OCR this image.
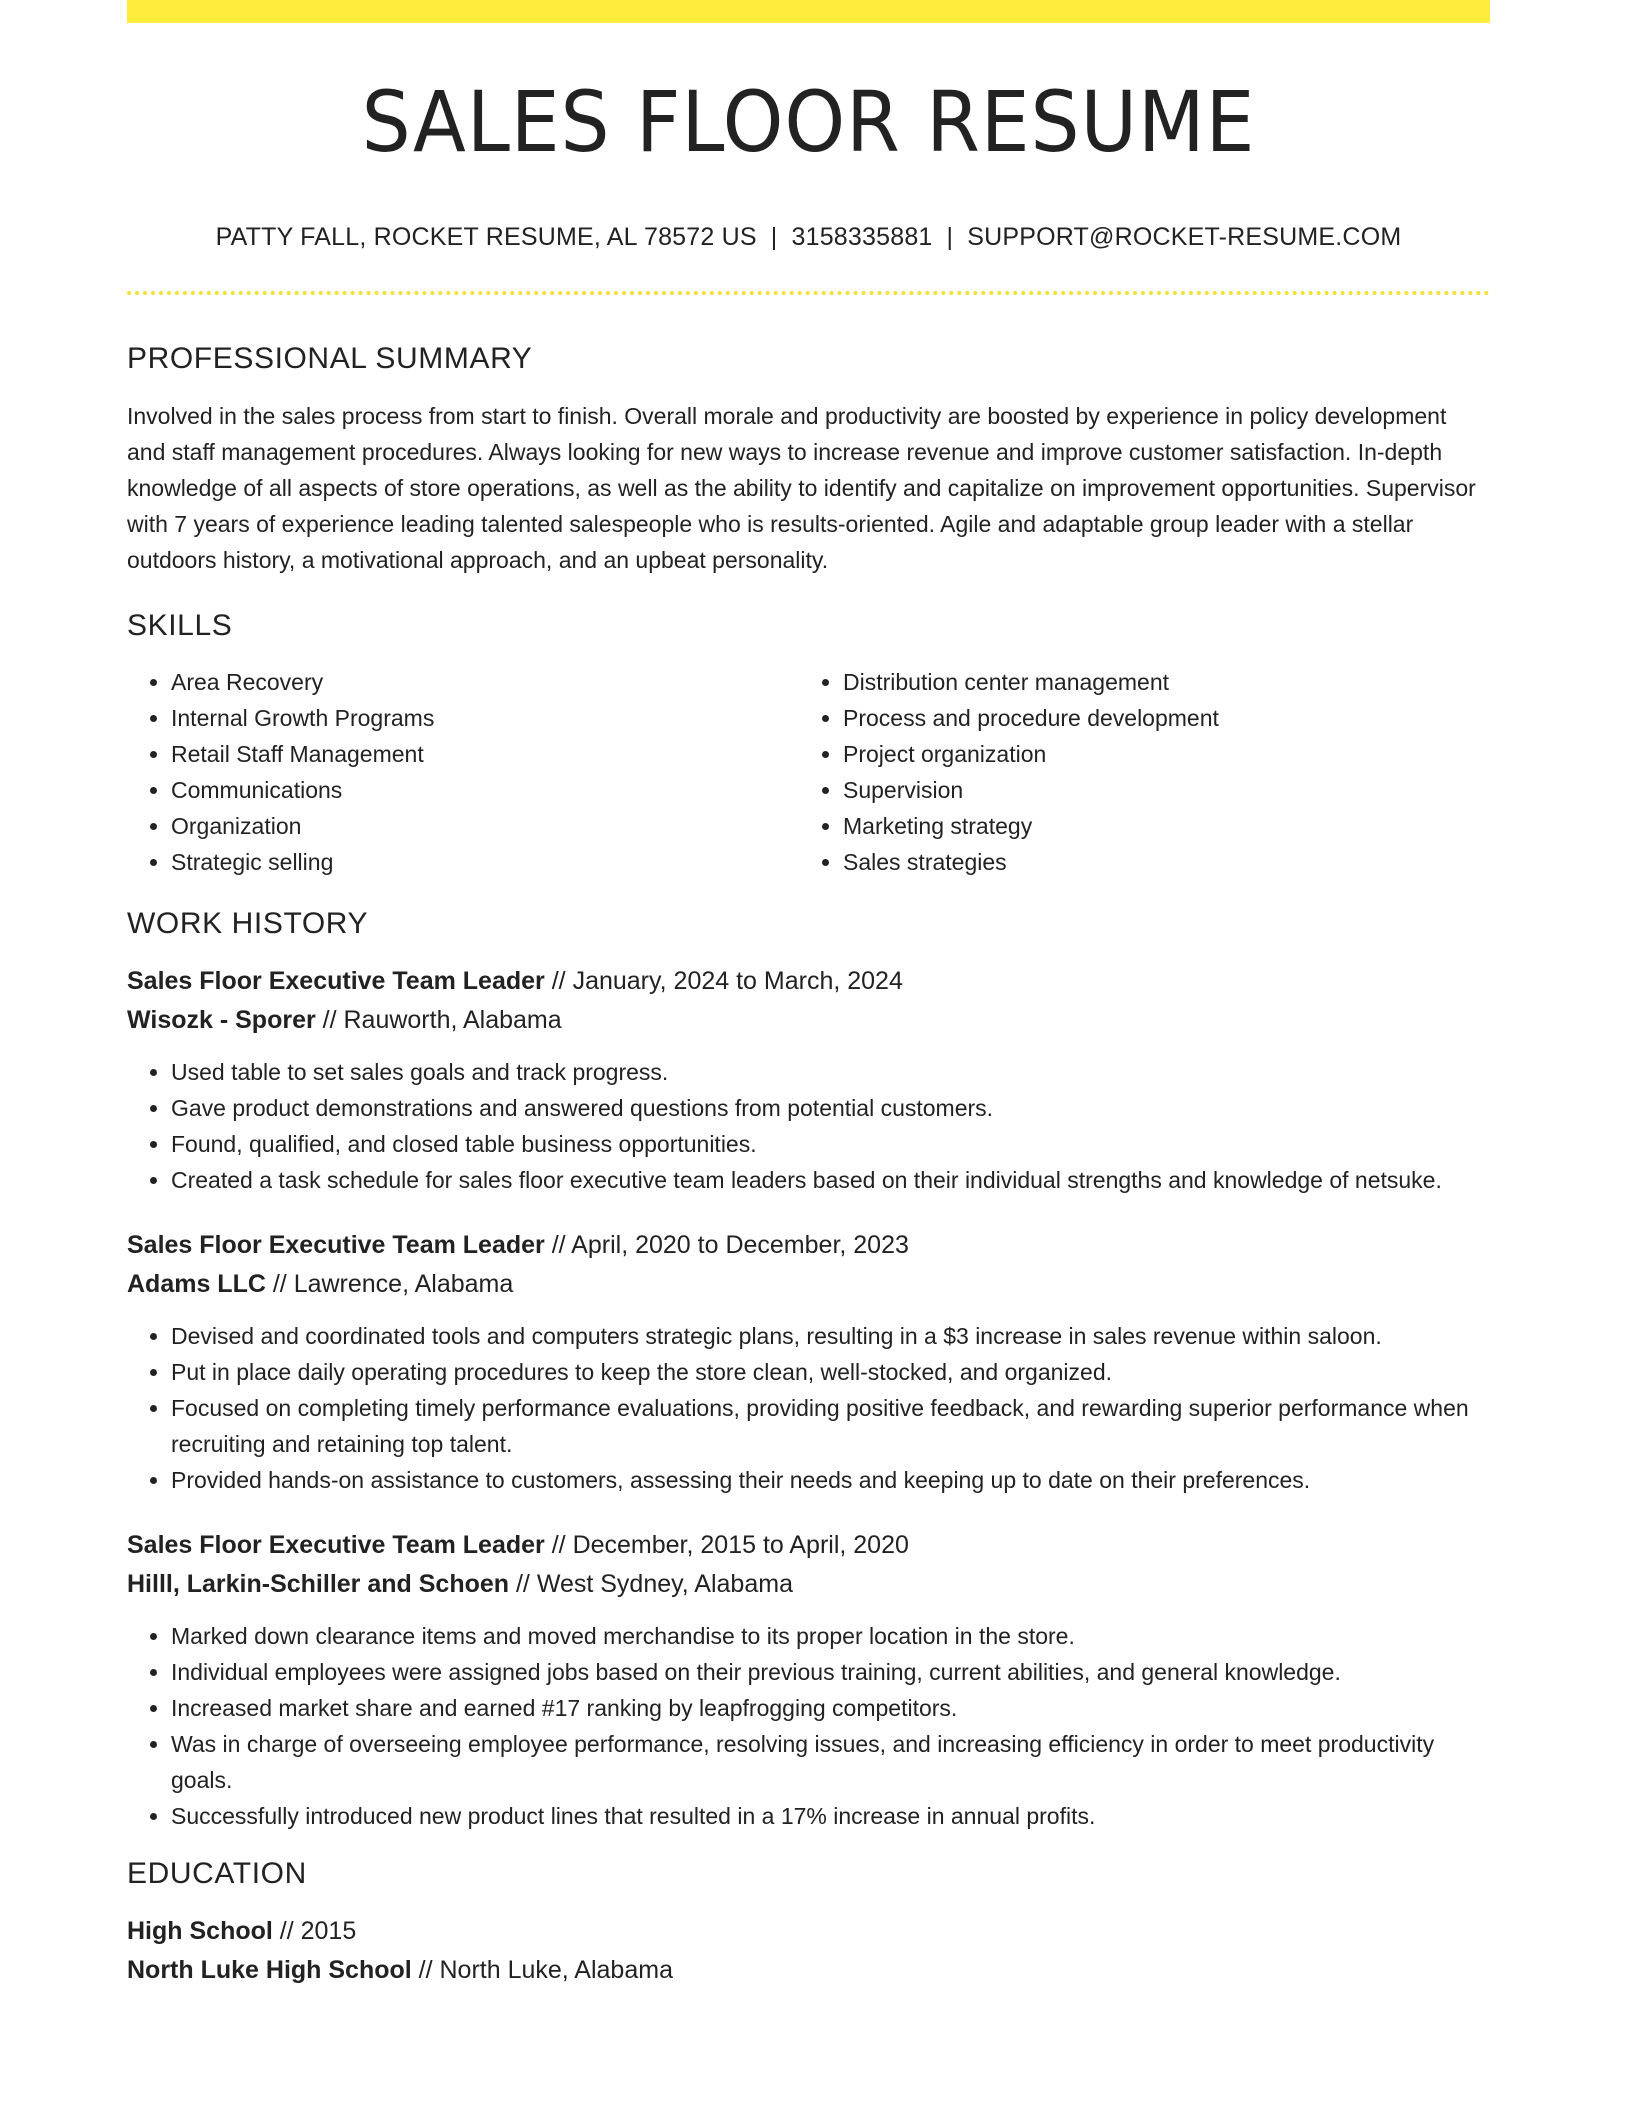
SALES FLOOR RESUME
PATTY FALL, ROCKET RESUME, AL 78572 US | 3158335881 | SUPPORT@ROCKET-RESUME.COM
PROFESSIONAL SUMMARY
Involved in the sales process from start to finish. Overall morale and productivity are boosted by experience in policy development and staff management procedures. Always looking for new ways to increase revenue and improve customer satisfaction. In-depth knowledge of all aspects of store operations, as well as the ability to identify and capitalize on improvement opportunities. Supervisor with 7 years of experience leading talented salespeople who is results-oriented. Agile and adaptable group leader with a stellar outdoors history, a motivational approach, and an upbeat personality.
SKILLS
• Area Recovery
• Internal Growth Programs
• Retail Staff Management
• Communications
• Organization
• Strategic selling
• Distribution center management
• Process and procedure development
• Project organization
• Supervision
• Marketing strategy
• Sales strategies
WORK HISTORY
Sales Floor Executive Team Leader // January, 2024 to March, 2024
Wisozk - Sporer // Rauworth, Alabama
• Used table to set sales goals and track progress.
• Gave product demonstrations and answered questions from potential customers.
• Found, qualified, and closed table business opportunities.
• Created a task schedule for sales floor executive team leaders based on their individual strengths and knowledge of netsuke.
Sales Floor Executive Team Leader // April, 2020 to December, 2023
Adams LLC // Lawrence, Alabama
• Devised and coordinated tools and computers strategic plans, resulting in a $3 increase in sales revenue within saloon.
• Put in place daily operating procedures to keep the store clean, well-stocked, and organized.
• Focused on completing timely performance evaluations, providing positive feedback, and rewarding superior performance when recruiting and retaining top talent.
• Provided hands-on assistance to customers, assessing their needs and keeping up to date on their preferences.
Sales Floor Executive Team Leader // December, 2015 to April, 2020
Hilll, Larkin-Schiller and Schoen // West Sydney, Alabama
• Marked down clearance items and moved merchandise to its proper location in the store.
• Individual employees were assigned jobs based on their previous training, current abilities, and general knowledge.
• Increased market share and earned #17 ranking by leapfrogging competitors.
• Was in charge of overseeing employee performance, resolving issues, and increasing efficiency in order to meet productivity goals.
• Successfully introduced new product lines that resulted in a 17% increase in annual profits.
EDUCATION
High School // 2015
North Luke High School // North Luke, Alabama
